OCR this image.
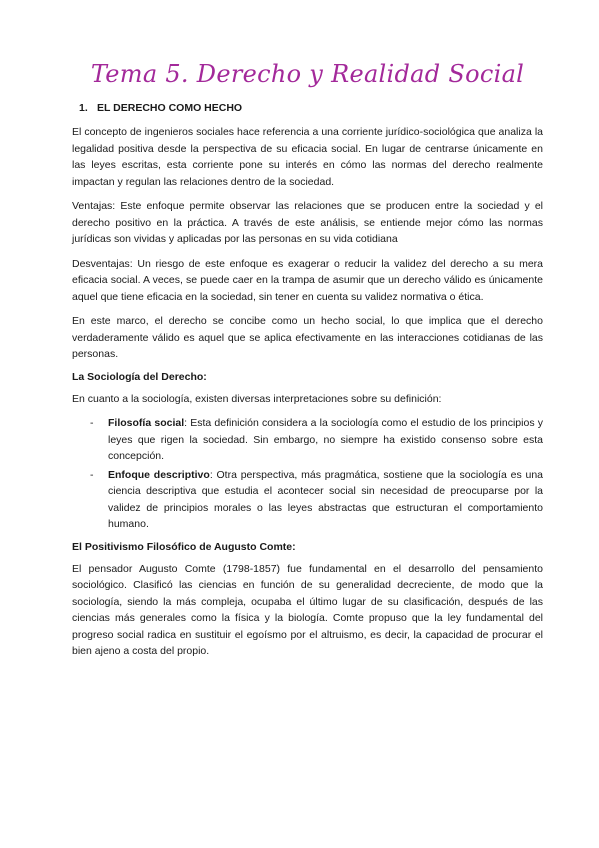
Tema 5. Derecho y Realidad Social
1. EL DERECHO COMO HECHO

El concepto de ingenieros sociales hace referencia a una corriente jurídico-sociológica que analiza la legalidad positiva desde la perspectiva de su eficacia social. En lugar de centrarse únicamente en las leyes escritas, esta corriente pone su interés en cómo las normas del derecho realmente impactan y regulan las relaciones dentro de la sociedad.

Ventajas: Este enfoque permite observar las relaciones que se producen entre la sociedad y el derecho positivo en la práctica. A través de este análisis, se entiende mejor cómo las normas jurídicas son vividas y aplicadas por las personas en su vida cotidiana

Desventajas: Un riesgo de este enfoque es exagerar o reducir la validez del derecho a su mera eficacia social. A veces, se puede caer en la trampa de asumir que un derecho válido es únicamente aquel que tiene eficacia en la sociedad, sin tener en cuenta su validez normativa o ética.

En este marco, el derecho se concibe como un hecho social, lo que implica que el derecho verdaderamente válido es aquel que se aplica efectivamente en las interacciones cotidianas de las personas.

La Sociología del Derecho:

En cuanto a la sociología, existen diversas interpretaciones sobre su definición:

- Filosofía social: Esta definición considera a la sociología como el estudio de los principios y leyes que rigen la sociedad. Sin embargo, no siempre ha existido consenso sobre esta concepción.
- Enfoque descriptivo: Otra perspectiva, más pragmática, sostiene que la sociología es una ciencia descriptiva que estudia el acontecer social sin necesidad de preocuparse por la validez de principios morales o las leyes abstractas que estructuran el comportamiento humano.
El Positivismo Filosófico de Augusto Comte:

El pensador Augusto Comte (1798-1857) fue fundamental en el desarrollo del pensamiento sociológico. Clasificó las ciencias en función de su generalidad decreciente, de modo que la sociología, siendo la más compleja, ocupaba el último lugar de su clasificación, después de las ciencias más generales como la física y la biología. Comte propuso que la ley fundamental del progreso social radica en sustituir el egoísmo por el altruismo, es decir, la capacidad de procurar el bien ajeno a costa del propio.
